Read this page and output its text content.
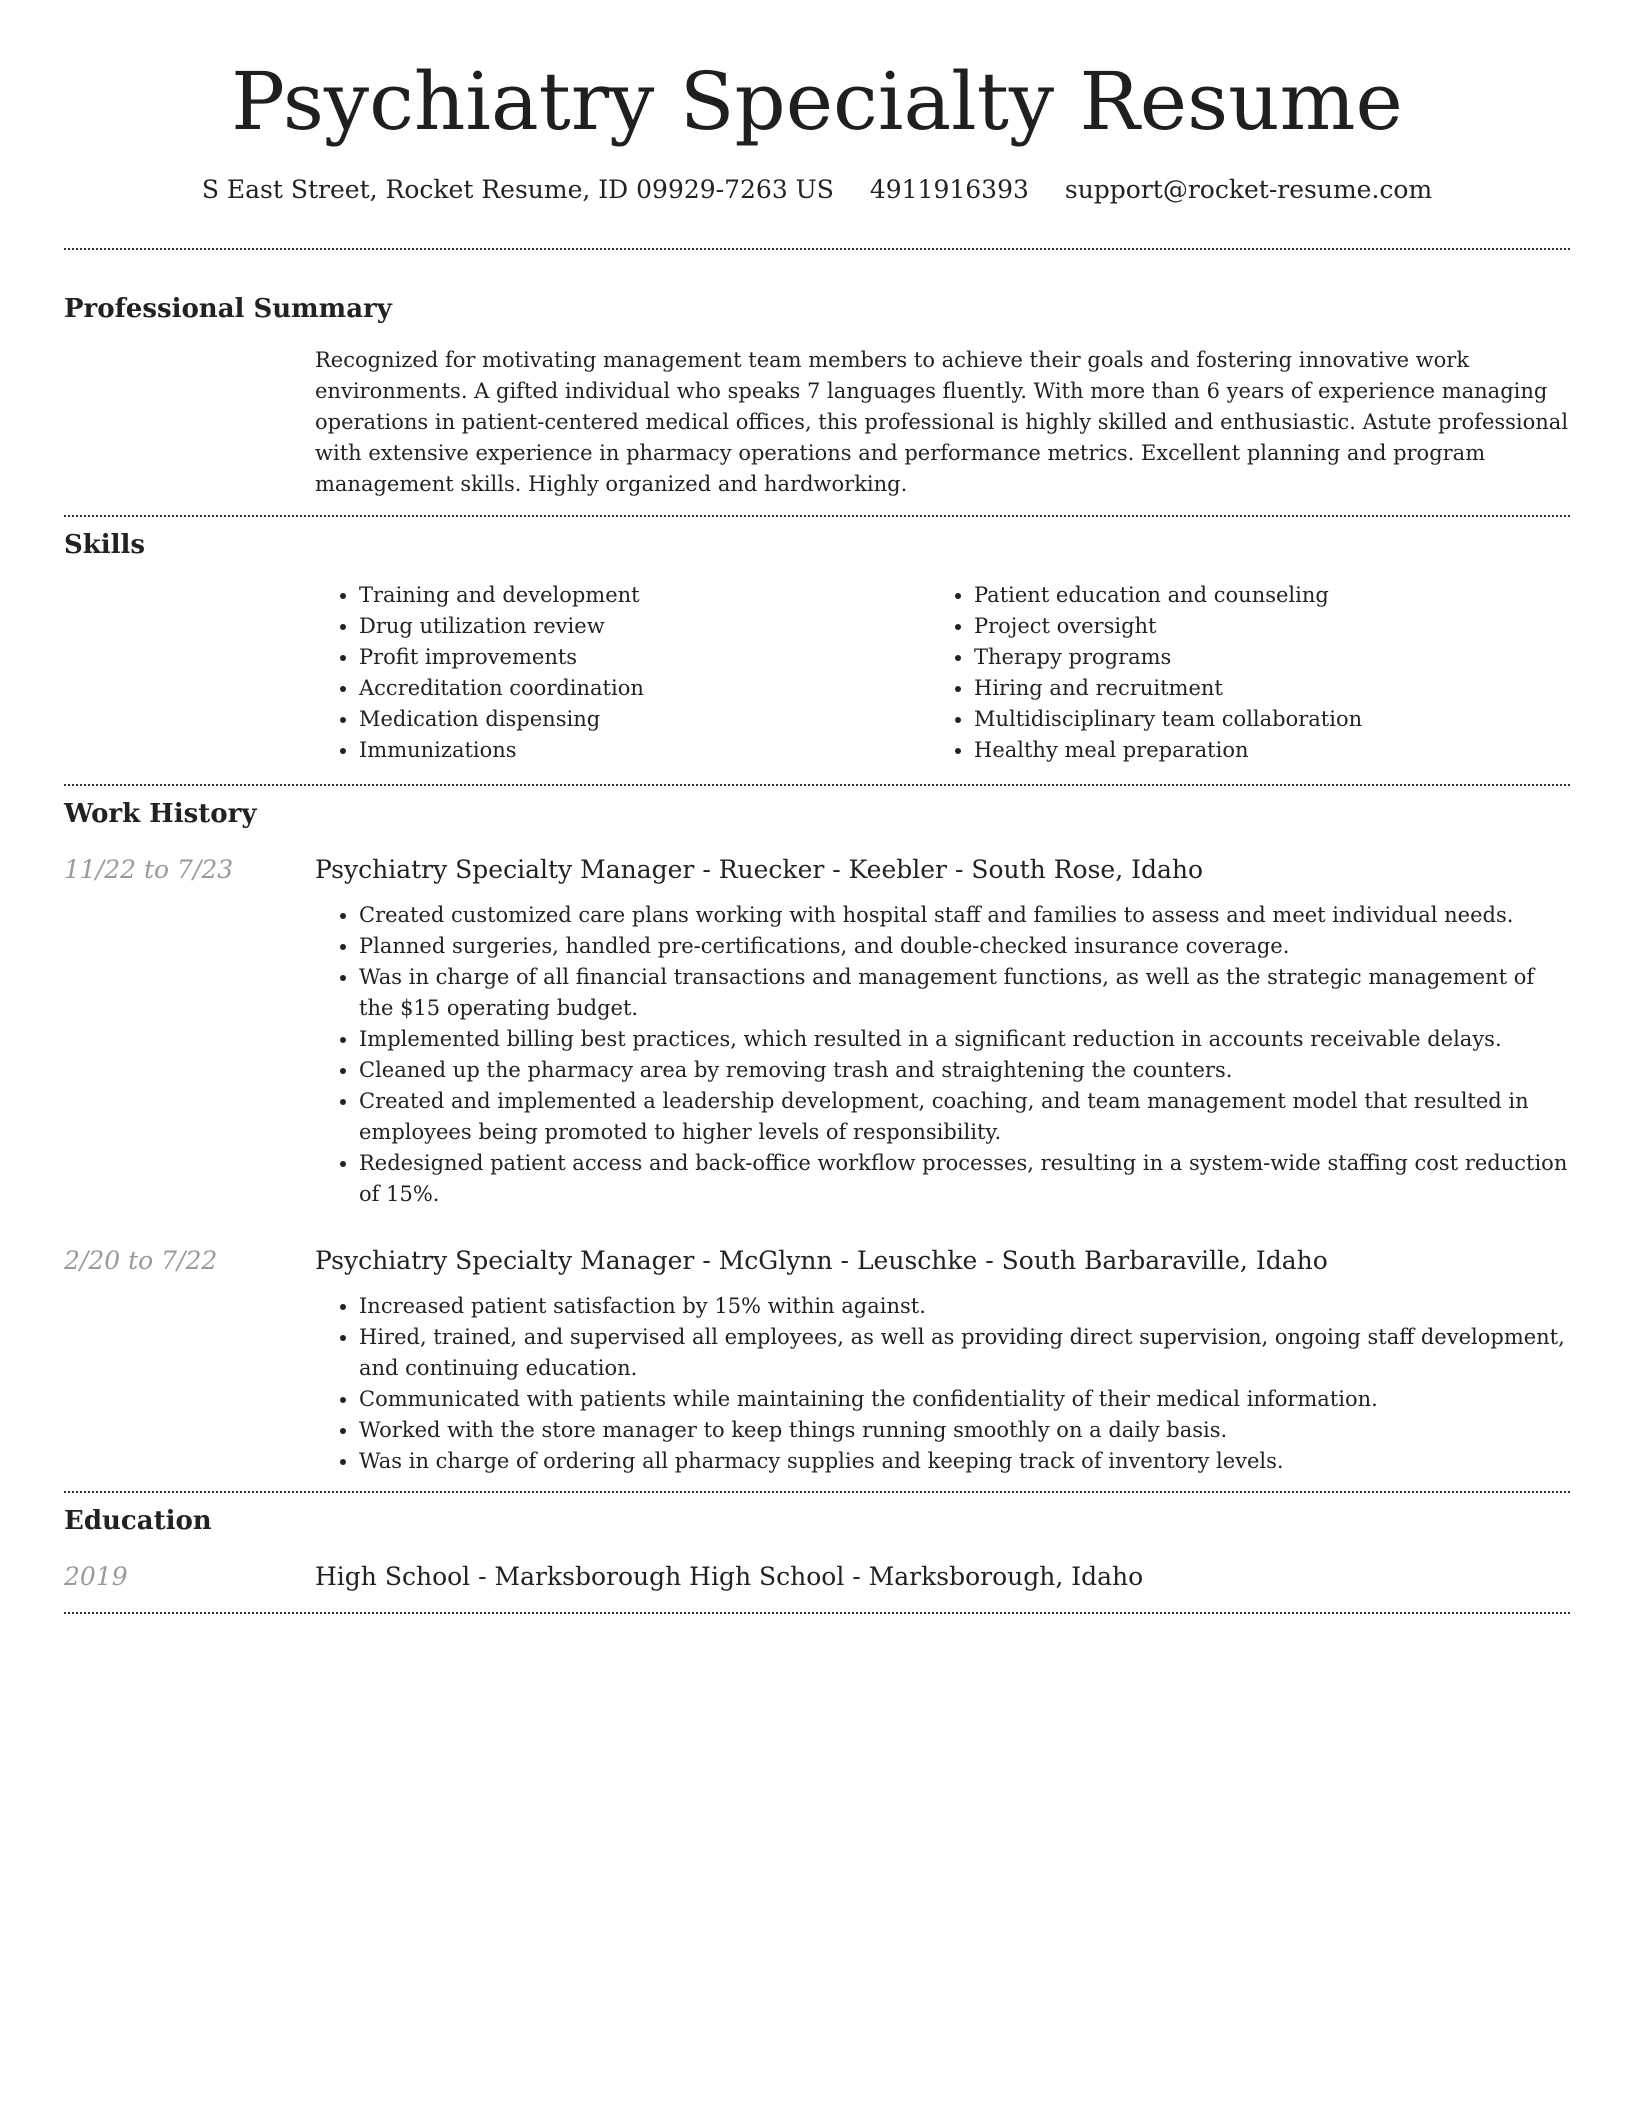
Psychiatry Specialty Resume
S East Street, Rocket Resume, ID 09929-7263 US 4911916393 support@rocket-resume.com
Professional Summary

Recognized for motivating management team members to achieve their goals and fostering innovative work environments. A gifted individual who speaks 7 languages fluently. With more than 6 years of experience managing operations in patient-centered medical offices, this professional is highly skilled and enthusiastic. Astute professional with extensive experience in pharmacy operations and performance metrics. Excellent planning and program management skills. Highly organized and hardworking.

Skills
• Training and development
• Drug utilization review
• Profit improvements
• Accreditation coordination
• Medication dispensing
• Immunizations
• Patient education and counseling
• Project oversight
• Therapy programs
• Hiring and recruitment
• Multidisciplinary team collaboration
• Healthy meal preparation
Work History
11/22 to 7/23	Psychiatry Specialty Manager - Ruecker - Keebler - South Rose, Idaho
• Created customized care plans working with hospital staff and families to assess and meet individual needs.
• Planned surgeries, handled pre-certifications, and double-checked insurance coverage.
• Was in charge of all financial transactions and management functions, as well as the strategic management of the $15 operating budget.
• Implemented billing best practices, which resulted in a significant reduction in accounts receivable delays.
• Cleaned up the pharmacy area by removing trash and straightening the counters.
• Created and implemented a leadership development, coaching, and team management model that resulted in employees being promoted to higher levels of responsibility.
• Redesigned patient access and back-office workflow processes, resulting in a system-wide staffing cost reduction of 15%.
2/20 to 7/22	Psychiatry Specialty Manager - McGlynn - Leuschke - South Barbaraville, Idaho
• Increased patient satisfaction by 15% within against.
• Hired, trained, and supervised all employees, as well as providing direct supervision, ongoing staff development, and continuing education.
• Communicated with patients while maintaining the confidentiality of their medical information.
• Worked with the store manager to keep things running smoothly on a daily basis.
• Was in charge of ordering all pharmacy supplies and keeping track of inventory levels.
Education
2019	High School - Marksborough High School - Marksborough, Idaho
